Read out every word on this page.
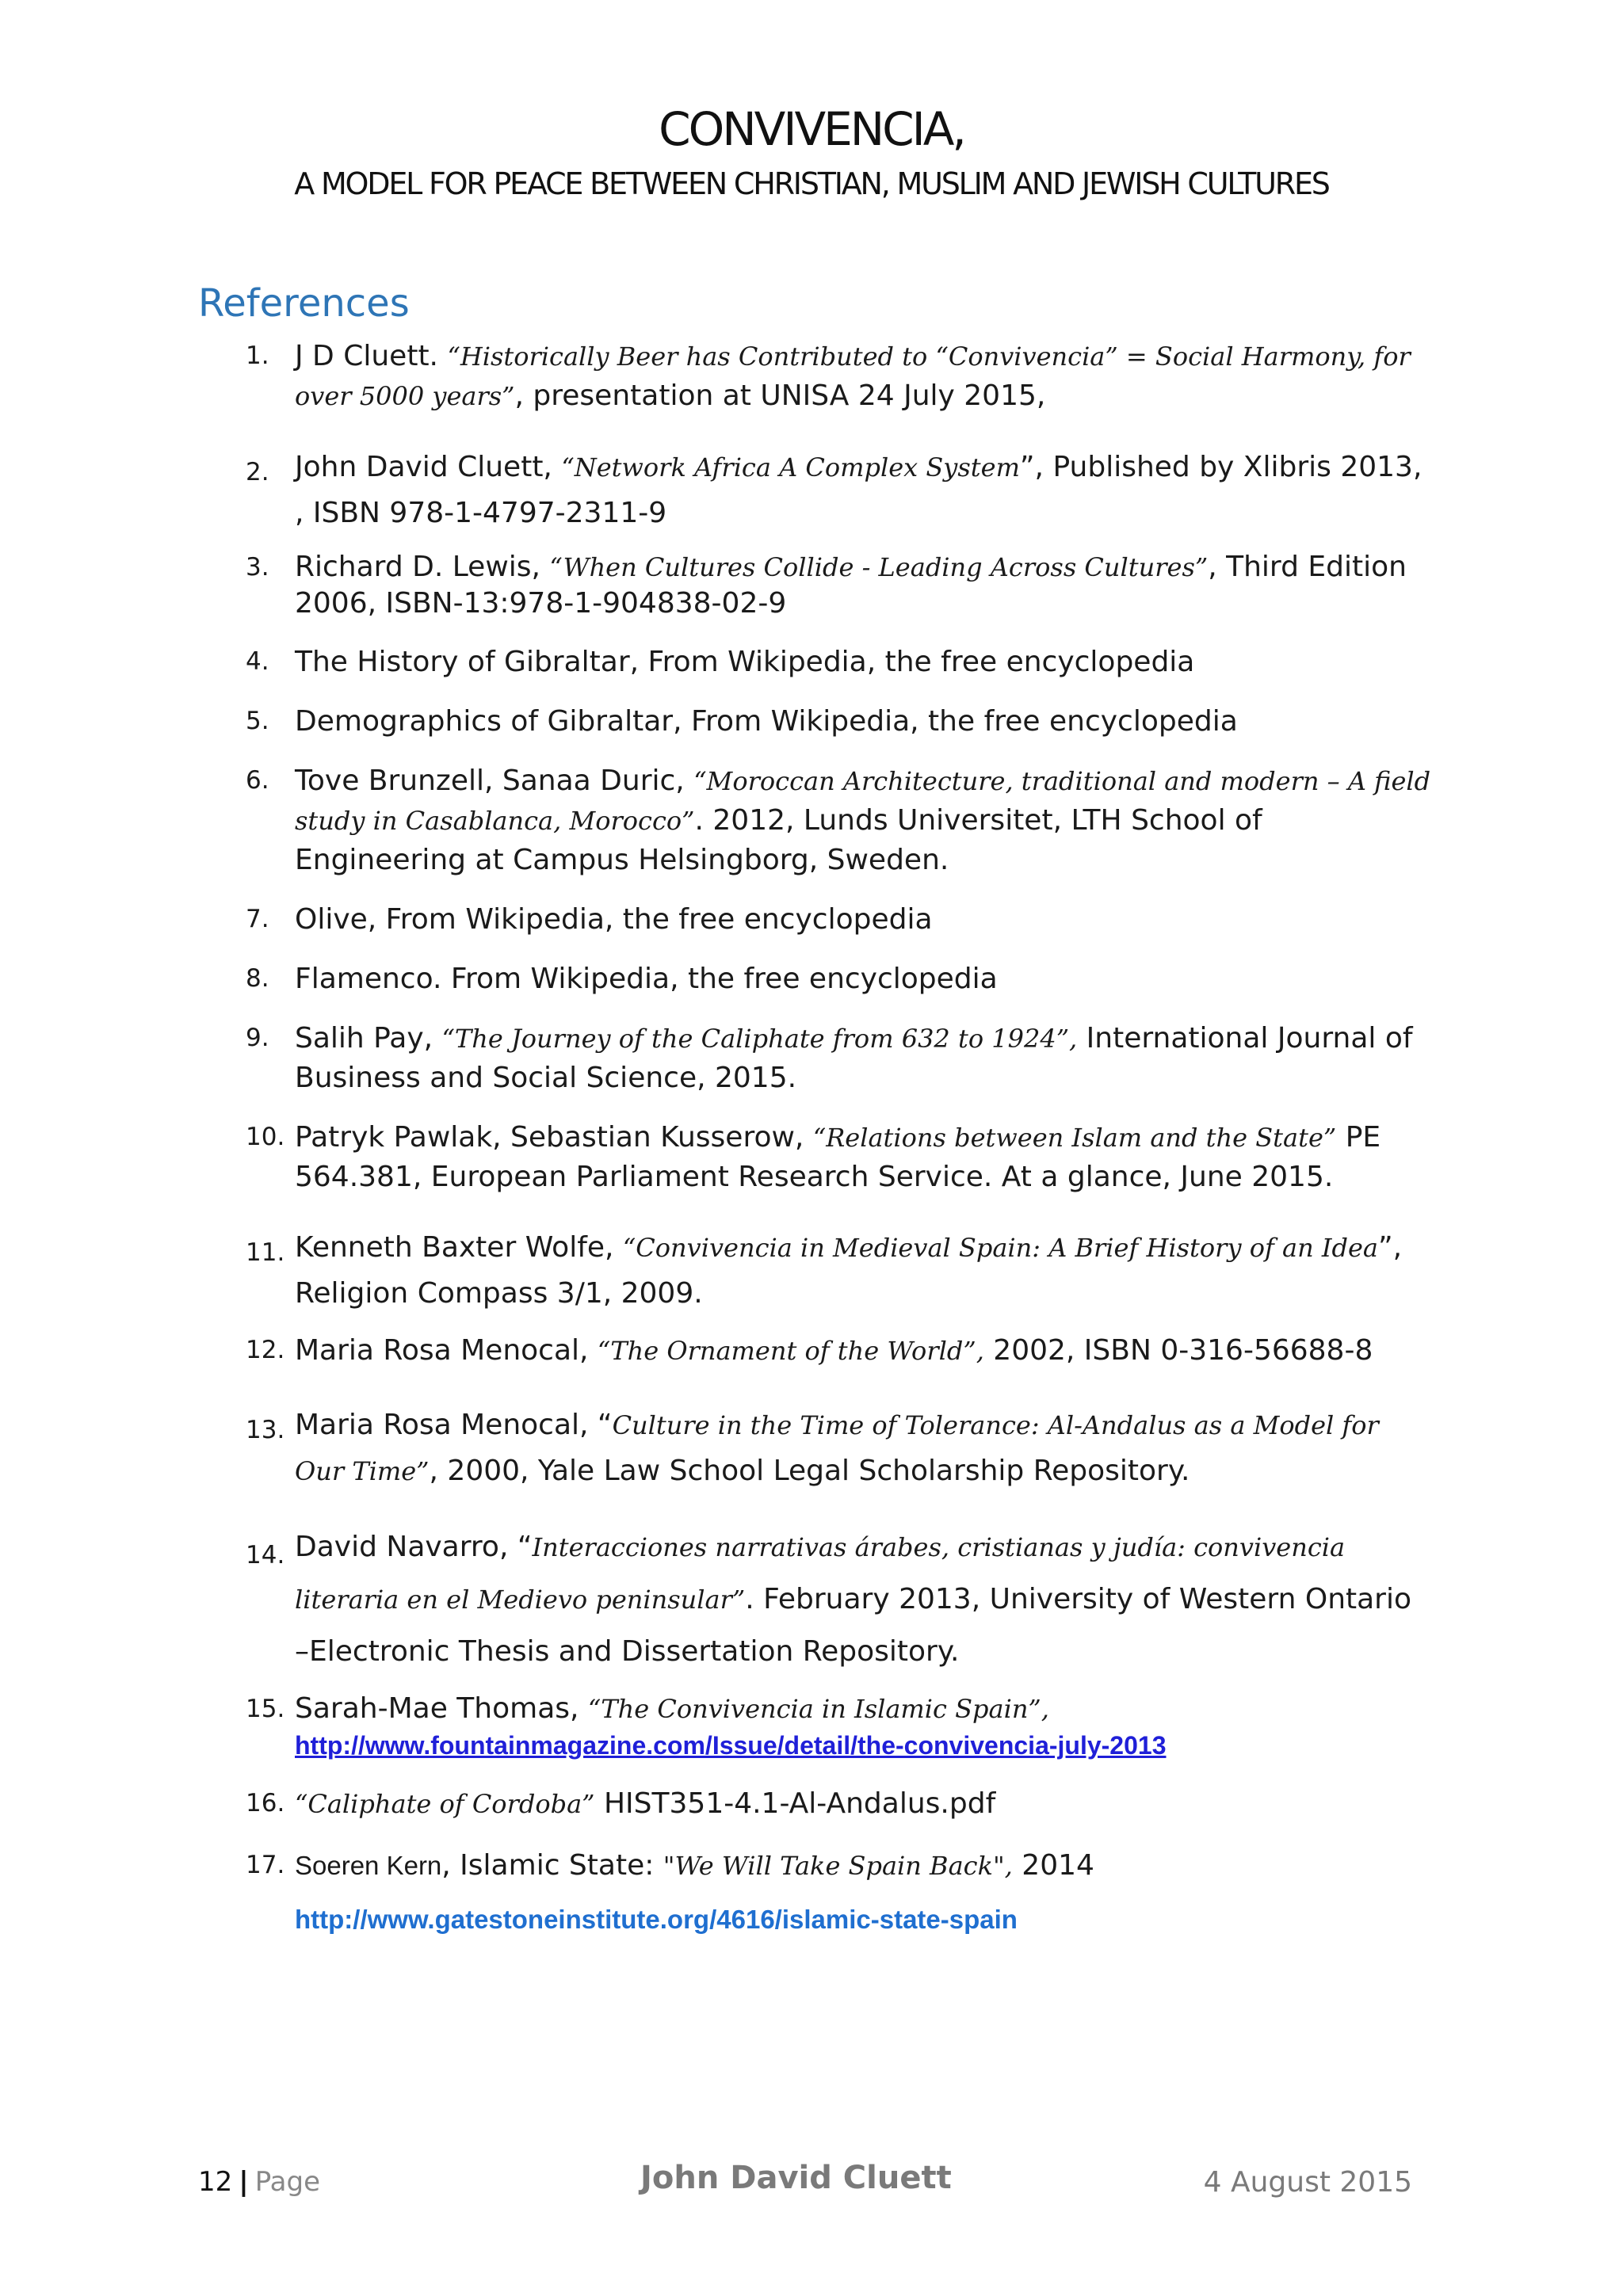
CONVIVENCIA,
A MODEL FOR PEACE BETWEEN CHRISTIAN, MUSLIM AND JEWISH CULTURES
References
1. J D Cluett. “Historically Beer has Contributed to “Convivencia” = Social Harmony, for over 5000 years”, presentation at UNISA 24 July 2015,
2. John David Cluett, “Network Africa A Complex System”, Published by Xlibris 2013, , ISBN 978-1-4797-2311-9
3. Richard D. Lewis, “When Cultures Collide - Leading Across Cultures”, Third Edition 2006, ISBN-13:978-1-904838-02-9
4. The History of Gibraltar, From Wikipedia, the free encyclopedia
5. Demographics of Gibraltar, From Wikipedia, the free encyclopedia
6. Tove Brunzell, Sanaa Duric, “Moroccan Architecture, traditional and modern – A field study in Casablanca, Morocco”. 2012, Lunds Universitet, LTH School of Engineering at Campus Helsingborg, Sweden.
7. Olive, From Wikipedia, the free encyclopedia
8. Flamenco. From Wikipedia, the free encyclopedia
9. Salih Pay, “The Journey of the Caliphate from 632 to 1924”, International Journal of Business and Social Science, 2015.
10. Patryk Pawlak, Sebastian Kusserow, “Relations between Islam and the State” PE 564.381, European Parliament Research Service. At a glance, June 2015.
11. Kenneth Baxter Wolfe, “Convivencia in Medieval Spain: A Brief History of an Idea”, Religion Compass 3/1, 2009.
12. Maria Rosa Menocal, “The Ornament of the World”, 2002, ISBN 0-316-56688-8
13. Maria Rosa Menocal, “Culture in the Time of Tolerance: Al-Andalus as a Model for Our Time”, 2000, Yale Law School Legal Scholarship Repository.
14. David Navarro, “Interacciones narrativas árabes, cristianas y judía: convivencia literaria en el Medievo peninsular”. February 2013, University of Western Ontario –Electronic Thesis and Dissertation Repository.
15. Sarah-Mae Thomas, “The Convivencia in Islamic Spain”,
http://www.fountainmagazine.com/Issue/detail/the-convivencia-july-2013
16. “Caliphate of Cordoba” HIST351-4.1-Al-Andalus.pdf
17. Soeren Kern, Islamic State: "We Will Take Spain Back", 2014
http://www.gatestoneinstitute.org/4616/islamic-state-spain
12 | Page	John David Cluett	4 August 2015
